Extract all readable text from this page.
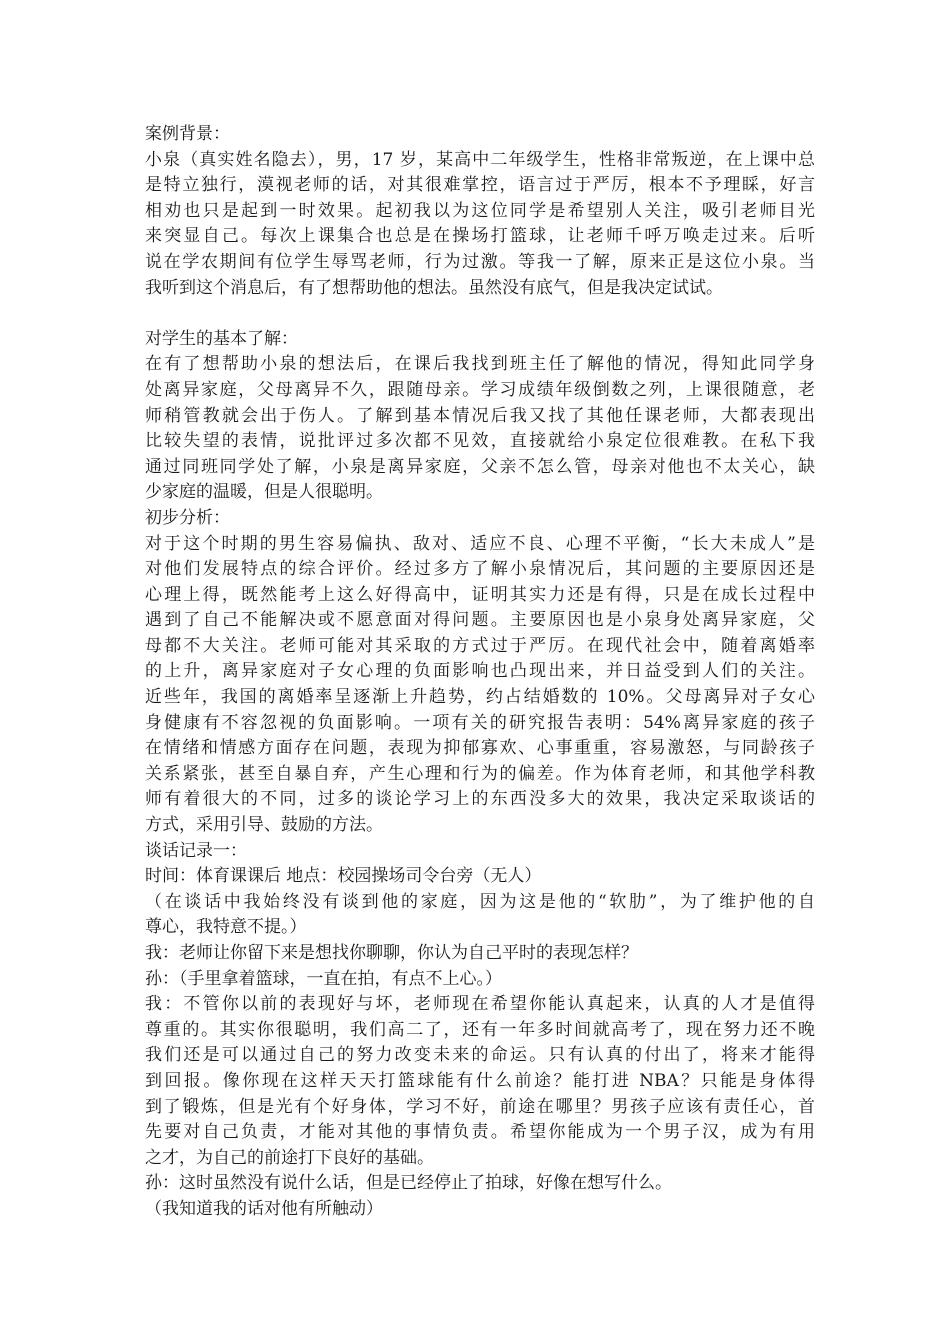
案例背景：
小泉（真实姓名隐去），男，17 岁，某高中二年级学生，性格非常叛逆，在上课中总
是特立独行，漠视老师的话，对其很难掌控，语言过于严厉，根本不予理睬，好言
相劝也只是起到一时效果。起初我以为这位同学是希望别人关注，吸引老师目光
来突显自己。每次上课集合也总是在操场打篮球，让老师千呼万唤走过来。后听
说在学农期间有位学生辱骂老师，行为过激。等我一了解，原来正是这位小泉。当
我听到这个消息后，有了想帮助他的想法。虽然没有底气，但是我决定试试。
对学生的基本了解：
在有了想帮助小泉的想法后，在课后我找到班主任了解他的情况，得知此同学身
处离异家庭，父母离异不久，跟随母亲。学习成绩年级倒数之列，上课很随意，老
师稍管教就会出于伤人。了解到基本情况后我又找了其他任课老师，大都表现出
比较失望的表情，说批评过多次都不见效，直接就给小泉定位很难教。在私下我
通过同班同学处了解，小泉是离异家庭，父亲不怎么管，母亲对他也不太关心，缺
少家庭的温暖，但是人很聪明。
初步分析：
对于这个时期的男生容易偏执、敌对、适应不良、心理不平衡，“长大未成人”是
对他们发展特点的综合评价。经过多方了解小泉情况后，其问题的主要原因还是
心理上得，既然能考上这么好得高中，证明其实力还是有得，只是在成长过程中
遇到了自己不能解决或不愿意面对得问题。主要原因也是小泉身处离异家庭，父
母都不大关注。老师可能对其采取的方式过于严厉。在现代社会中，随着离婚率
的上升，离异家庭对子女心理的负面影响也凸现出来，并日益受到人们的关注。
近些年，我国的离婚率呈逐渐上升趋势，约占结婚数的 10%。父母离异对子女心
身健康有不容忽视的负面影响。一项有关的研究报告表明：54%离异家庭的孩子
在情绪和情感方面存在问题，表现为抑郁寡欢、心事重重，容易激怒，与同龄孩子
关系紧张，甚至自暴自弃，产生心理和行为的偏差。作为体育老师，和其他学科教
师有着很大的不同，过多的谈论学习上的东西没多大的效果，我决定采取谈话的
方式，采用引导、鼓励的方法。
谈话记录一：
时间：体育课课后 地点：校园操场司令台旁（无人）
（在谈话中我始终没有谈到他的家庭，因为这是他的“软肋”，为了维护他的自
尊心，我特意不提。）
我：老师让你留下来是想找你聊聊，你认为自己平时的表现怎样？
孙：（手里拿着篮球，一直在拍，有点不上心。）
我：不管你以前的表现好与坏，老师现在希望你能认真起来，认真的人才是值得
尊重的。其实你很聪明，我们高二了，还有一年多时间就高考了，现在努力还不晚
我们还是可以通过自己的努力改变未来的命运。只有认真的付出了，将来才能得
到回报。像你现在这样天天打篮球能有什么前途？能打进 NBA？只能是身体得
到了锻炼，但是光有个好身体，学习不好，前途在哪里？男孩子应该有责任心，首
先要对自己负责，才能对其他的事情负责。希望你能成为一个男子汉，成为有用
之才，为自己的前途打下良好的基础。
孙：这时虽然没有说什么话，但是已经停止了拍球，好像在想写什么。
（我知道我的话对他有所触动）
